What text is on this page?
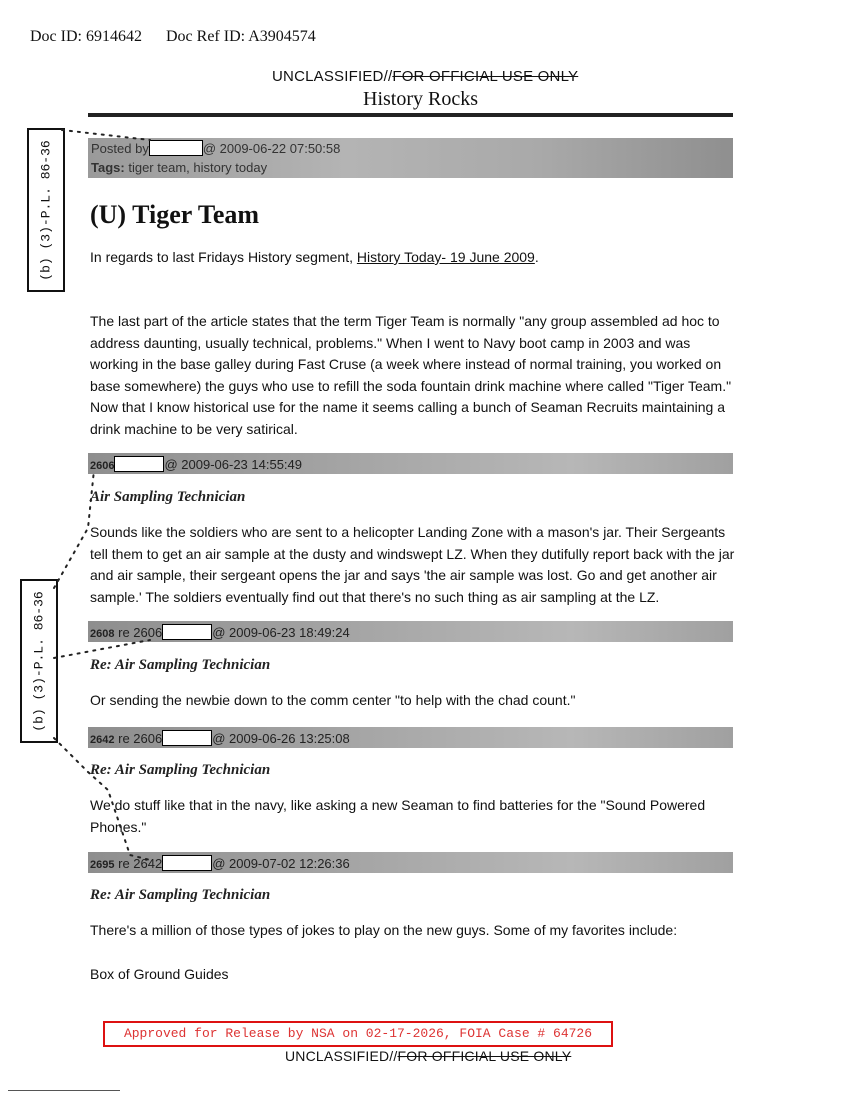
Doc ID: 6914642 Doc Ref ID: A3904574
UNCLASSIFIED//FOR OFFICIAL USE ONLY
History Rocks
Posted by	@ 2009-06-22 07:50:58
Tags: tiger team, history today
(U) Tiger Team
In regards to last Fridays History segment, History Today- 19 June 2009.
The last part of the article states that the term Tiger Team is normally "any group assembled ad hoc to address daunting, usually technical, problems." When I went to Navy boot camp in 2003 and was working in the base galley during Fast Cruse (a week where instead of normal training, you worked on base somewhere) the guys who use to refill the soda fountain drink machine where called "Tiger Team." Now that I know historical use for the name it seems calling a bunch of Seaman Recruits maintaining a drink machine to be very satirical.
2606	@ 2009-06-23 14:55:49
Air Sampling Technician
Sounds like the soldiers who are sent to a helicopter Landing Zone with a mason's jar. Their Sergeants tell them to get an air sample at the dusty and windswept LZ. When they dutifully report back with the jar and air sample, their sergeant opens the jar and says 'the air sample was lost. Go and get another air sample.' The soldiers eventually find out that there's no such thing as air sampling at the LZ.
2608 re 2606	@ 2009-06-23 18:49:24
Re: Air Sampling Technician
Or sending the newbie down to the comm center "to help with the chad count."
2642 re 2606	@ 2009-06-26 13:25:08
Re: Air Sampling Technician
We do stuff like that in the navy, like asking a new Seaman to find batteries for the "Sound Powered Phones."
2695 re 2642	@ 2009-07-02 12:26:36
Re: Air Sampling Technician
There's a million of those types of jokes to play on the new guys. Some of my favorites include:
Box of Ground Guides
(b) (3)-P.L. 86-36
(b) (3)-P.L. 86-36
Approved for Release by NSA on 02-17-2026, FOIA Case # 64726
UNCLASSIFIED//FOR OFFICIAL USE ONLY
